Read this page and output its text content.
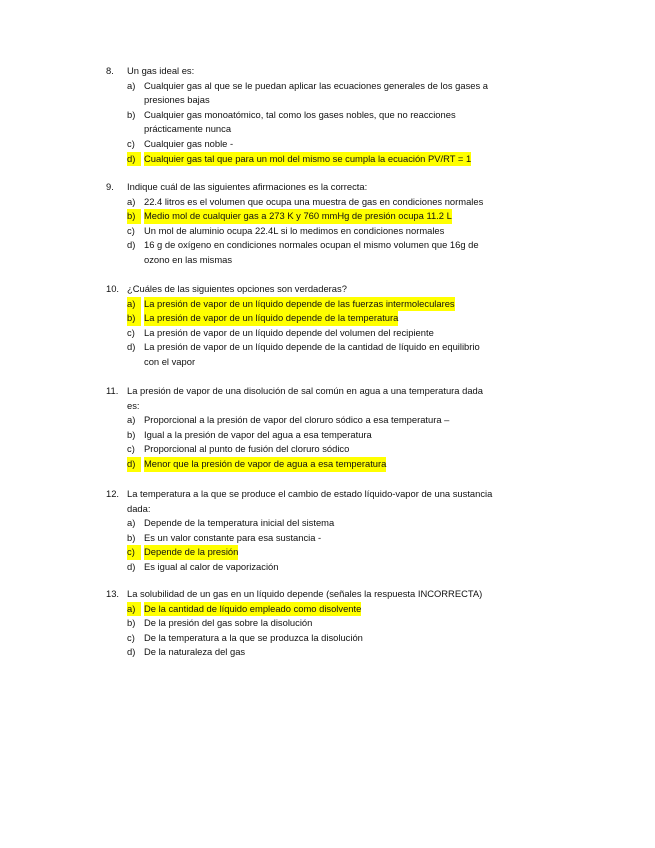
8.	Un gas ideal es:
a) Cualquier gas al que se le puedan aplicar las ecuaciones generales de los gases a
presiones bajas
b) Cualquier gas monoatómico, tal como los gases nobles, que no reacciones
prácticamente nunca
c) Cualquier gas noble -
d) Cualquier gas tal que para un mol del mismo se cumpla la ecuación PV/RT = 1
9.	Indique cuál de las siguientes afirmaciones es la correcta:
a) 22.4 litros es el volumen que ocupa una muestra de gas en condiciones normales
b) Medio mol de cualquier gas a 273 K y 760 mmHg de presión ocupa 11.2 L
c) Un mol de aluminio ocupa 22.4L si lo medimos en condiciones normales
d) 16 g de oxígeno en condiciones normales ocupan el mismo volumen que 16g de
ozono en las mismas
10. ¿Cuáles de las siguientes opciones son verdaderas?
a) La presión de vapor de un líquido depende de las fuerzas intermoleculares
b) La presión de vapor de un líquido depende de la temperatura
c) La presión de vapor de un líquido depende del volumen del recipiente
d) La presión de vapor de un líquido depende de la cantidad de líquido en equilibrio
con el vapor
11. La presión de vapor de una disolución de sal común en agua a una temperatura dada
es:
a) Proporcional a la presión de vapor del cloruro sódico a esa temperatura –
b) Igual a la presión de vapor del agua a esa temperatura
c) Proporcional al punto de fusión del cloruro sódico
d) Menor que la presión de vapor de agua a esa temperatura
12. La temperatura a la que se produce el cambio de estado líquido-vapor de una sustancia
dada:
a) Depende de la temperatura inicial del sistema
b) Es un valor constante para esa sustancia -
c) Depende de la presión
d) Es igual al calor de vaporización
13. La solubilidad de un gas en un líquido depende (señales la respuesta INCORRECTA)
a) De la cantidad de líquido empleado como disolvente
b) De la presión del gas sobre la disolución
c) De la temperatura a la que se produzca la disolución
d) De la naturaleza del gas
